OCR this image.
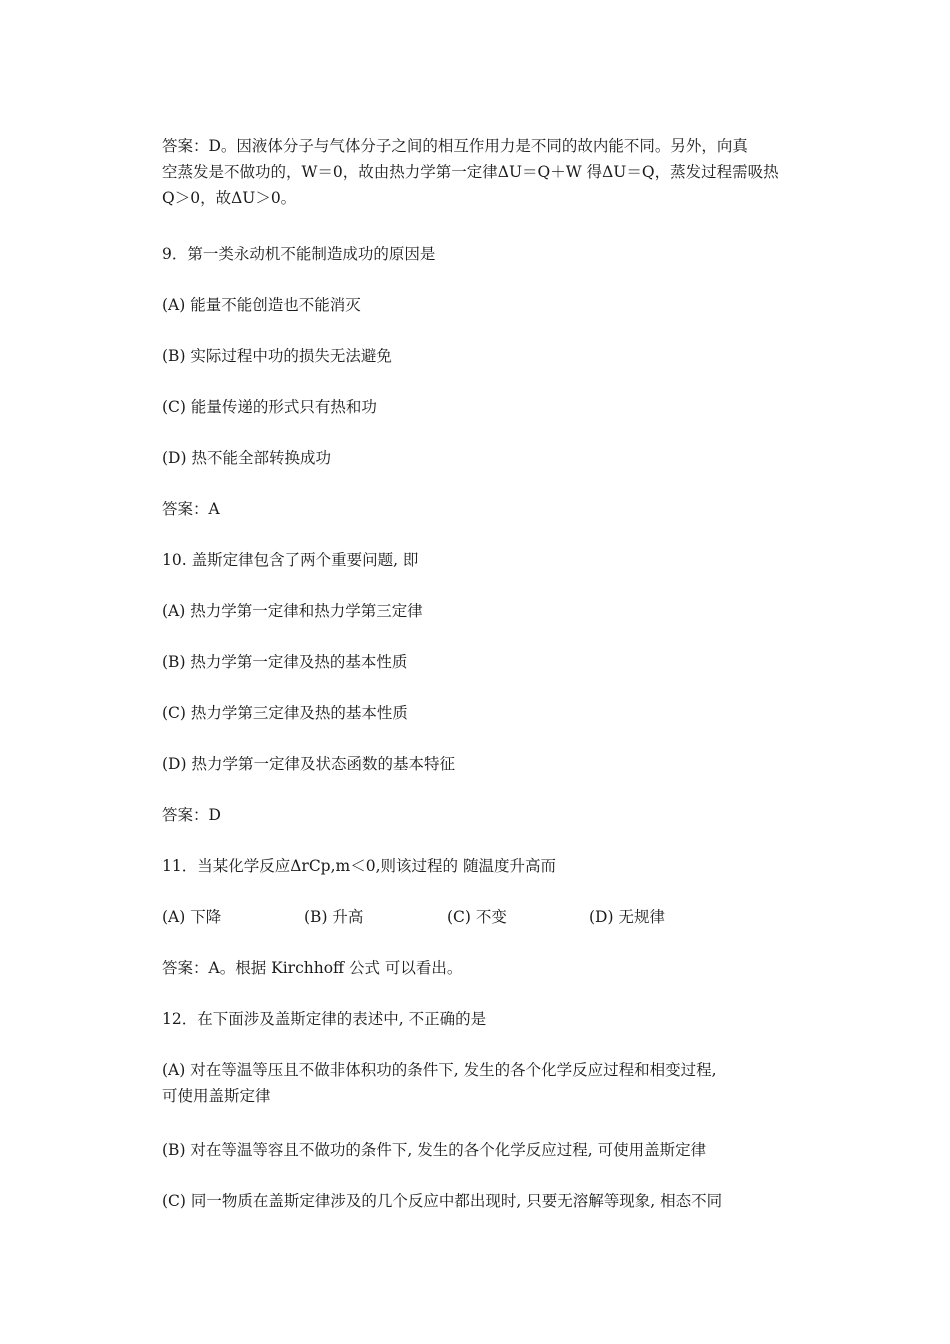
答案：D。因液体分子与气体分子之间的相互作用力是不同的故内能不同。另外，向真
空蒸发是不做功的，W＝0，故由热力学第一定律ΔU＝Q＋W 得ΔU＝Q，蒸发过程需吸热
Q＞0，故ΔU＞0。
9．第一类永动机不能制造成功的原因是
(A) 能量不能创造也不能消灭
(B) 实际过程中功的损失无法避免
(C) 能量传递的形式只有热和功
(D) 热不能全部转换成功
答案：A
10. 盖斯定律包含了两个重要问题, 即
(A) 热力学第一定律和热力学第三定律
(B) 热力学第一定律及热的基本性质
(C) 热力学第三定律及热的基本性质
(D) 热力学第一定律及状态函数的基本特征
答案：D
11．当某化学反应ΔrCp,m＜0,则该过程的 随温度升高而
(A) 下降	(B) 升高	(C) 不变	(D) 无规律
答案：A。根据 Kirchhoff 公式 可以看出。
12．在下面涉及盖斯定律的表述中, 不正确的是
(A) 对在等温等压且不做非体积功的条件下, 发生的各个化学反应过程和相变过程,
可使用盖斯定律
(B) 对在等温等容且不做功的条件下, 发生的各个化学反应过程, 可使用盖斯定律
(C) 同一物质在盖斯定律涉及的几个反应中都出现时, 只要无溶解等现象, 相态不同
